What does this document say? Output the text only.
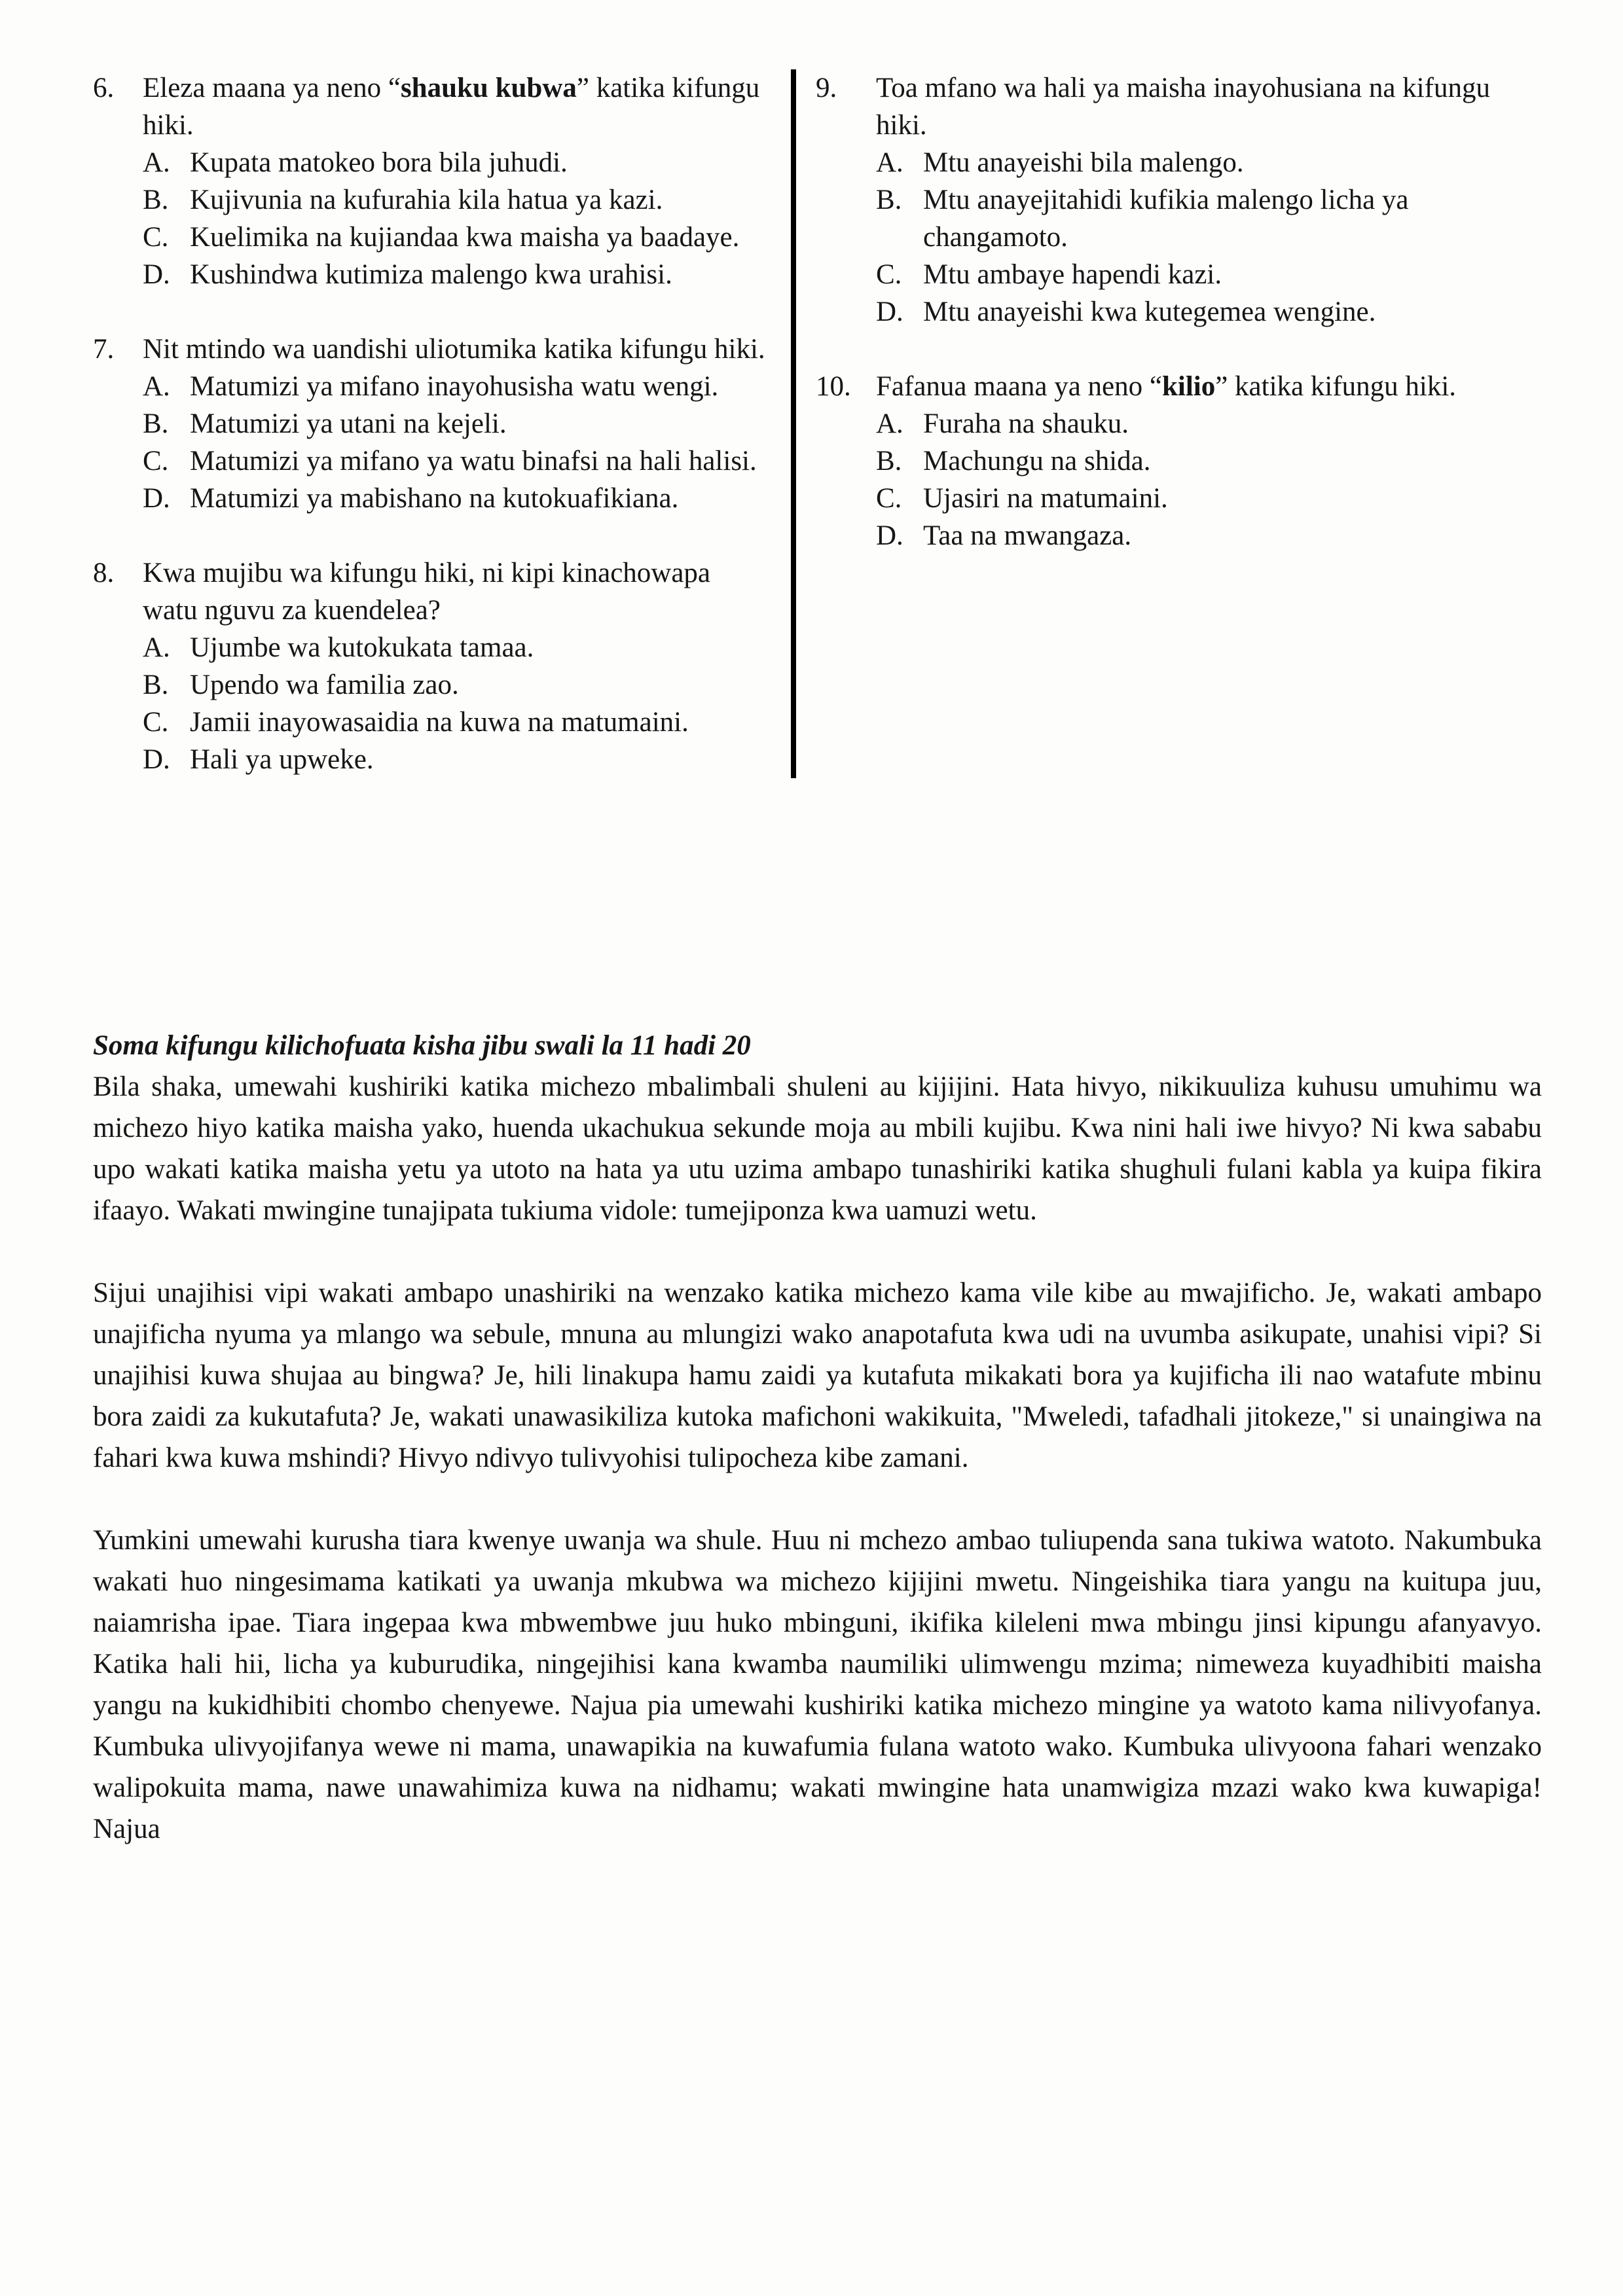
6.	Eleza maana ya neno “shauku kubwa” katika kifungu hiki.
A. Kupata matokeo bora bila juhudi.
B. Kujivunia na kufurahia kila hatua ya kazi.
C. Kuelimika na kujiandaa kwa maisha ya baadaye.
D. Kushindwa kutimiza malengo kwa urahisi.
7.	Nit mtindo wa uandishi uliotumika katika kifungu hiki.
A. Matumizi ya mifano inayohusisha watu wengi.
B. Matumizi ya utani na kejeli.
C. Matumizi ya mifano ya watu binafsi na hali halisi.
D. Matumizi ya mabishano na kutokuafikiana.
8.	Kwa mujibu wa kifungu hiki, ni kipi kinachowapa watu nguvu za kuendelea?
A. Ujumbe wa kutokukata tamaa.
B. Upendo wa familia zao.
C. Jamii inayowasaidia na kuwa na matumaini.
D. Hali ya upweke.
9.	Toa mfano wa hali ya maisha inayohusiana na kifungu hiki.
A. Mtu anayeishi bila malengo.
B. Mtu anayejitahidi kufikia malengo licha ya changamoto.
C. Mtu ambaye hapendi kazi.
D. Mtu anayeishi kwa kutegemea wengine.
10. Fafanua maana ya neno “kilio” katika kifungu hiki.
A. Furaha na shauku.
B. Machungu na shida.
C. Ujasiri na matumaini.
D. Taa na mwangaza.
Soma kifungu kilichofuata kisha jibu swali la 11 hadi 20

Bila shaka, umewahi kushiriki katika michezo mbalimbali shuleni au kijijini. Hata hivyo, nikikuuliza kuhusu umuhimu wa michezo hiyo katika maisha yako, huenda ukachukua sekunde moja au mbili kujibu. Kwa nini hali iwe hivyo? Ni kwa sababu upo wakati katika maisha yetu ya utoto na hata ya utu uzima ambapo tunashiriki katika shughuli fulani kabla ya kuipa fikira ifaayo. Wakati mwingine tunajipata tukiuma vidole: tumejiponza kwa uamuzi wetu.

Sijui unajihisi vipi wakati ambapo unashiriki na wenzako katika michezo kama vile kibe au mwajificho. Je, wakati ambapo unajificha nyuma ya mlango wa sebule, mnuna au mlungizi wako anapotafuta kwa udi na uvumba asikupate, unahisi vipi? Si unajihisi kuwa shujaa au bingwa? Je, hili linakupa hamu zaidi ya kutafuta mikakati bora ya kujificha ili nao watafute mbinu bora zaidi za kukutafuta? Je, wakati unawasikiliza kutoka mafichoni wakikuita, "Mweledi, tafadhali jitokeze," si unaingiwa na fahari kwa kuwa mshindi? Hivyo ndivyo tulivyohisi tulipocheza kibe zamani.

Yumkini umewahi kurusha tiara kwenye uwanja wa shule. Huu ni mchezo ambao tuliupenda sana tukiwa watoto. Nakumbuka wakati huo ningesimama katikati ya uwanja mkubwa wa michezo kijijini mwetu. Ningeishika tiara yangu na kuitupa juu, naiamrisha ipae. Tiara ingepaa kwa mbwembwe juu huko mbinguni, ikifika kileleni mwa mbingu jinsi kipungu afanyavyo. Katika hali hii, licha ya kuburudika, ningejihisi kana kwamba naumiliki ulimwengu mzima; nimeweza kuyadhibiti maisha yangu na kukidhibiti chombo chenyewe. Najua pia umewahi kushiriki katika michezo mingine ya watoto kama nilivyofanya. Kumbuka ulivyojifanya wewe ni mama, unawapikia na kuwafumia fulana watoto wako. Kumbuka ulivyoona fahari wenzako walipokuita mama, nawe unawahimiza kuwa na nidhamu; wakati mwingine hata unamwigiza mzazi wako kwa kuwapiga! Najua
